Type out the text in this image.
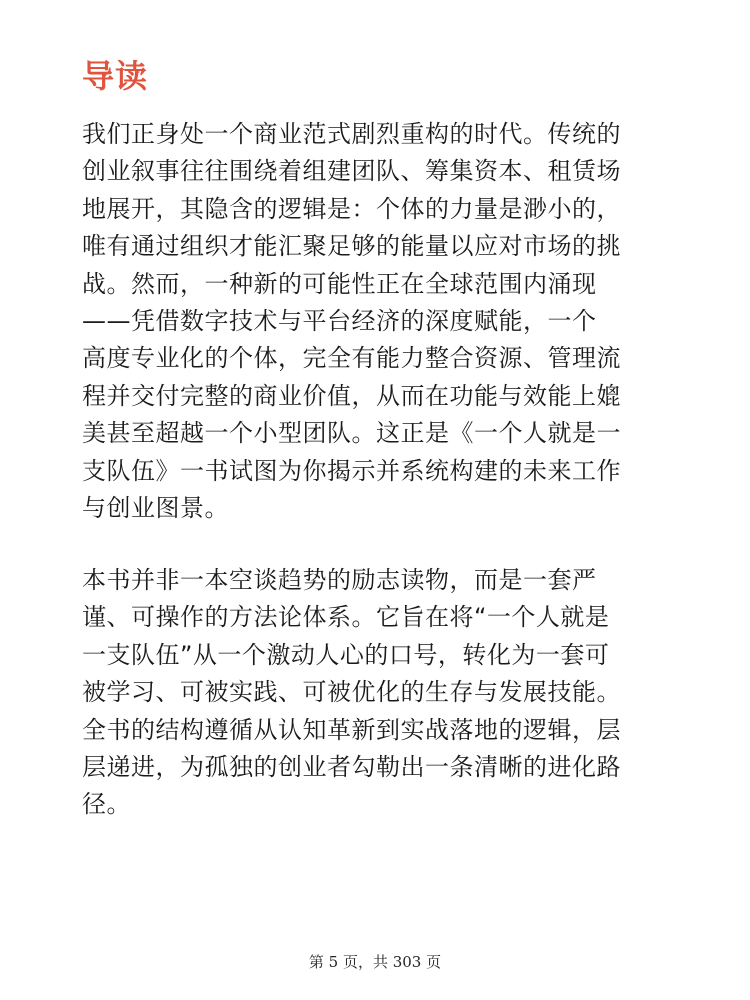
导读
我们正身处一个商业范式剧烈重构的时代。传统的
创业叙事往往围绕着组建团队、筹集资本、租赁场
地展开，其隐含的逻辑是：个体的力量是渺小的，
唯有通过组织才能汇聚足够的能量以应对市场的挑
战。然而，一种新的可能性正在全球范围内涌现
——凭借数字技术与平台经济的深度赋能，一个
高度专业化的个体，完全有能力整合资源、管理流
程并交付完整的商业价值，从而在功能与效能上媲
美甚至超越一个小型团队。这正是《一个人就是一
支队伍》一书试图为你揭示并系统构建的未来工作
与创业图景。
本书并非一本空谈趋势的励志读物，而是一套严
谨、可操作的方法论体系。它旨在将“一个人就是
一支队伍”从一个激动人心的口号，转化为一套可
被学习、可被实践、可被优化的生存与发展技能。
全书的结构遵循从认知革新到实战落地的逻辑，层
层递进，为孤独的创业者勾勒出一条清晰的进化路
径。

第 5 页，共 303 页
